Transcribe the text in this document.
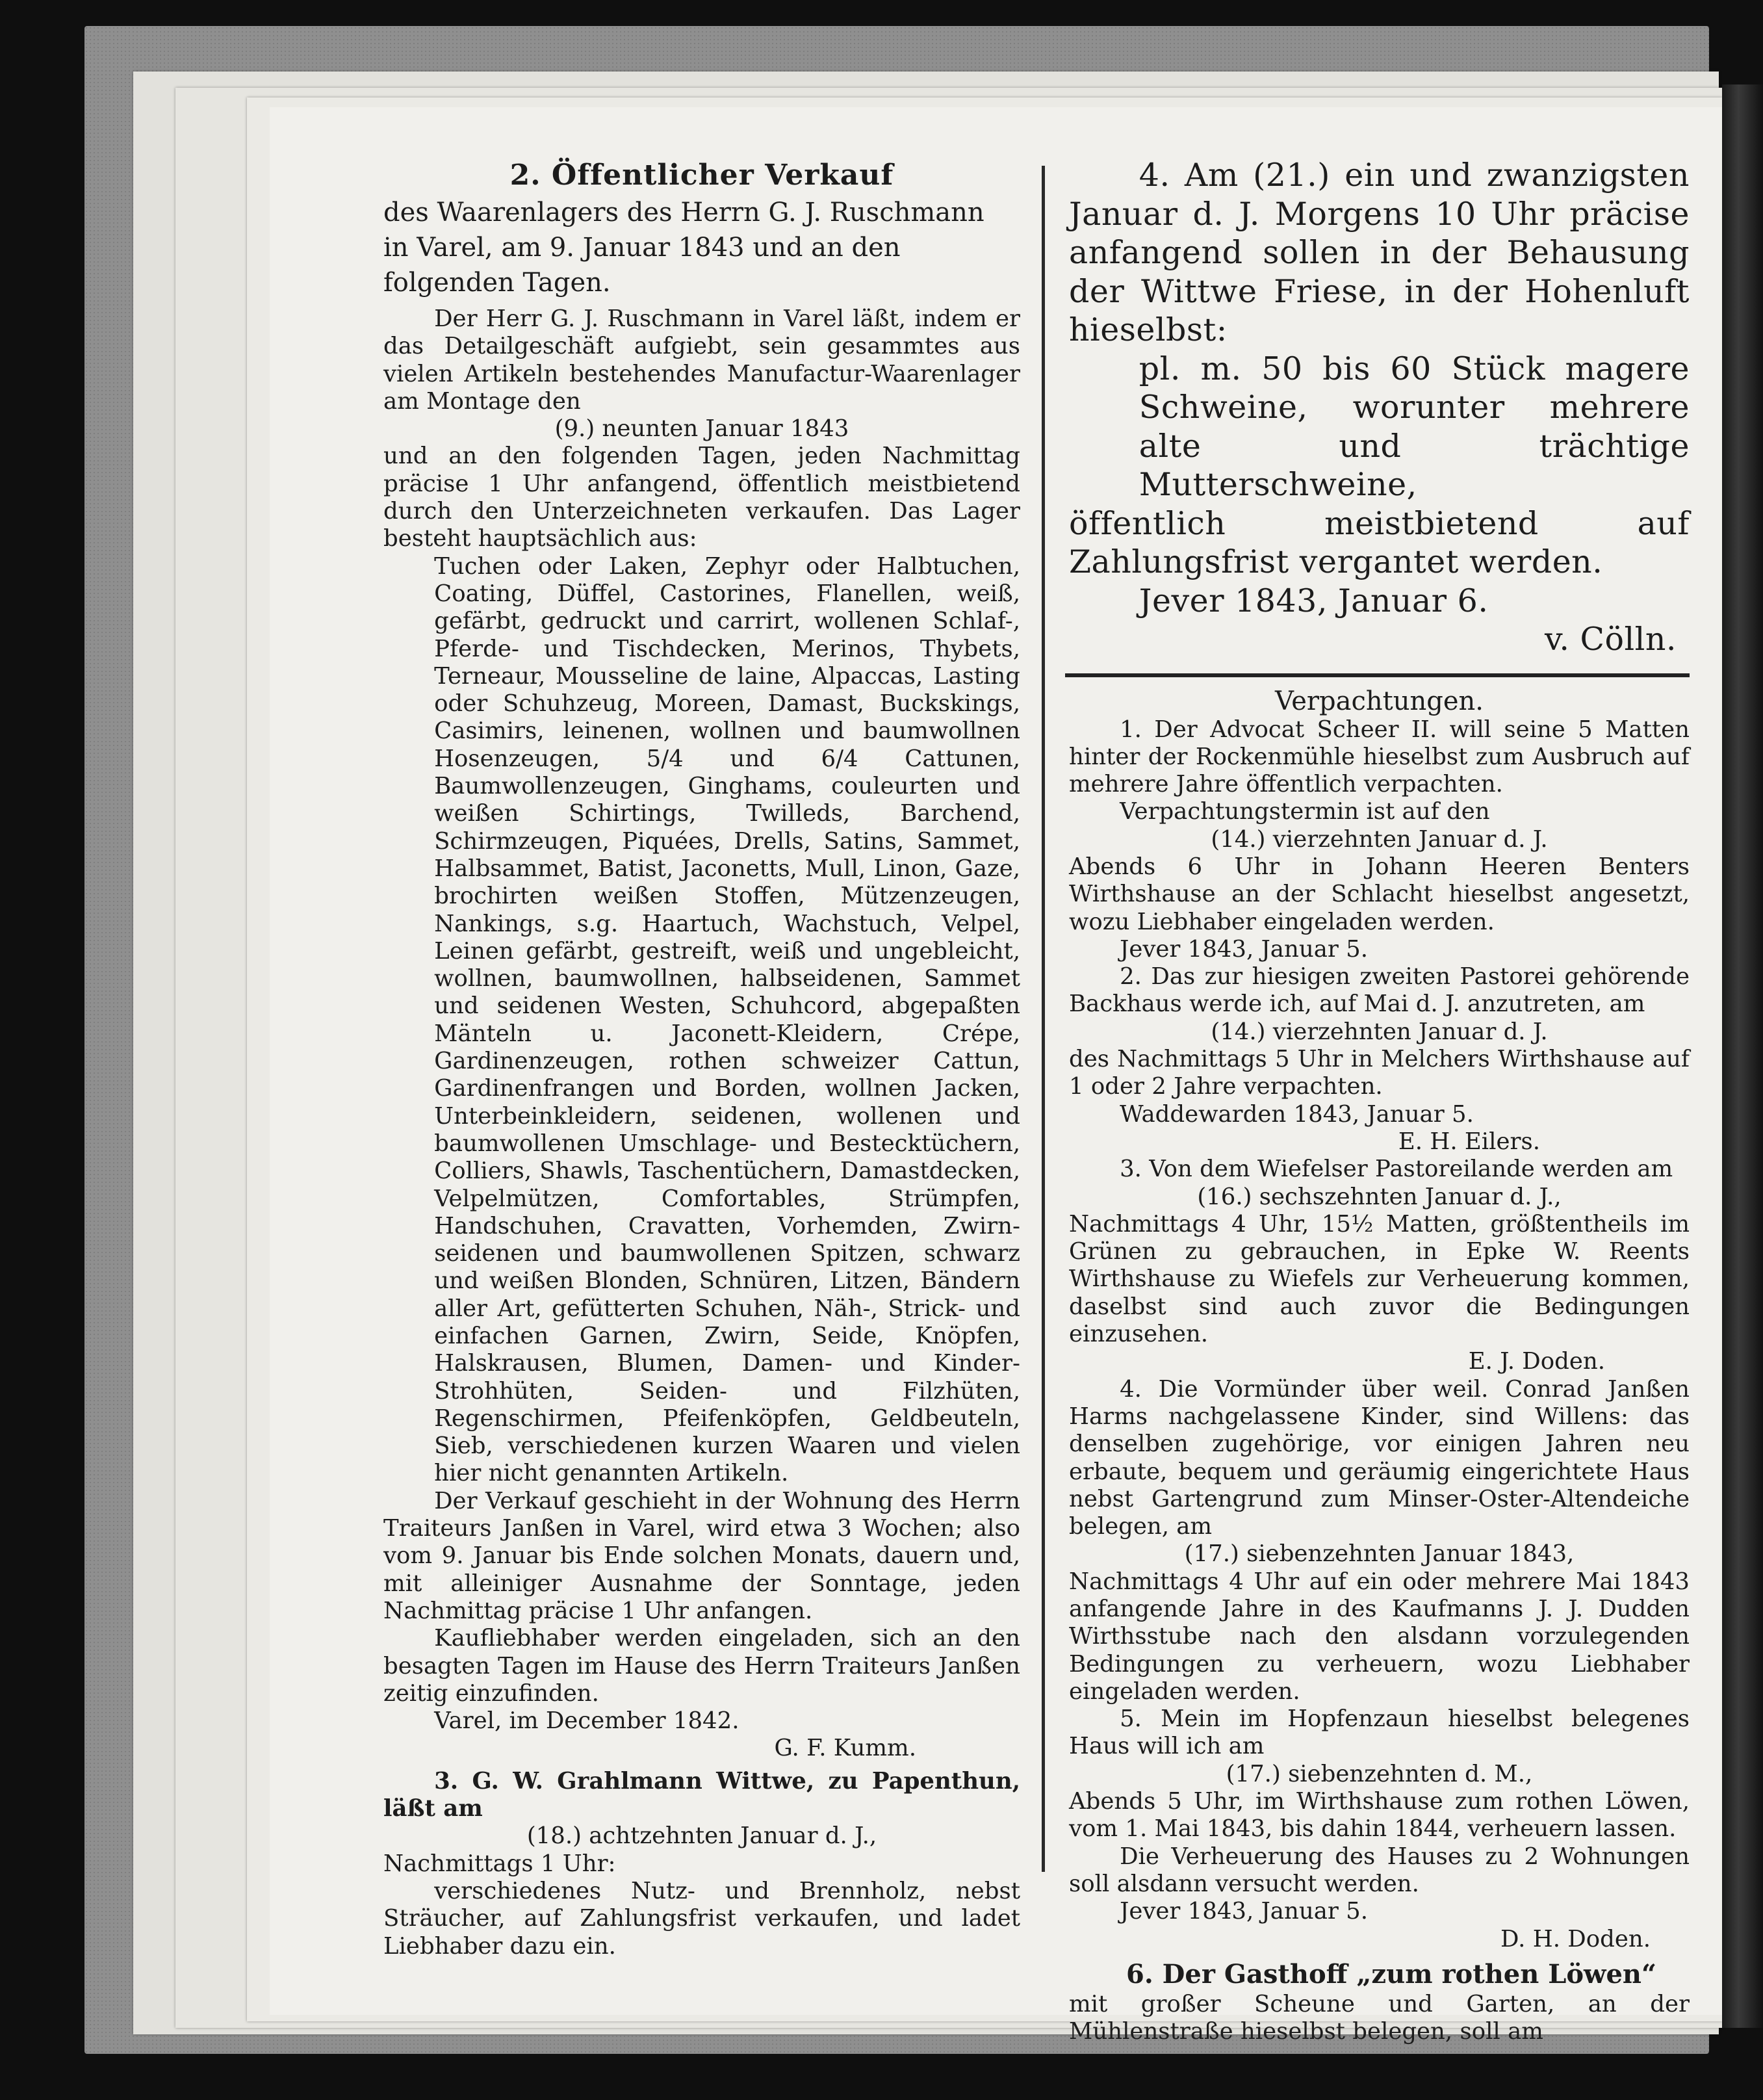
2. Öffentlicher Verkauf

des Waarenlagers des Herrn G. J. Ruschmann

in Varel, am 9. Januar 1843 und an den

folgenden Tagen.

Der Herr G. J. Ruschmann in Varel läßt, indem er das Detailgeschäft aufgiebt, sein gesammtes aus vielen Artikeln bestehendes Manufactur-Waarenlager am Montage den

(9.) neunten Januar 1843

und an den folgenden Tagen, jeden Nachmittag präcise 1 Uhr anfangend, öffentlich meistbietend durch den Unterzeichneten verkaufen. Das Lager besteht hauptsächlich aus:

Tuchen oder Laken, Zephyr oder Halbtuchen, Coating, Düffel, Castorines, Flanellen, weiß, gefärbt, gedruckt und carrirt, wollenen Schlaf-, Pferde- und Tischdecken, Merinos, Thybets, Terneaur, Mousseline de laine, Alpaccas, Lasting oder Schuhzeug, Moreen, Damast, Buckskings, Casimirs, leinenen, wollnen und baumwollnen Hosenzeugen, 5/4 und 6/4 Cattunen, Baumwollenzeugen, Ginghams, couleurten und weißen Schirtings, Twilleds, Barchend, Schirmzeugen, Piquées, Drells, Satins, Sammet, Halbsammet, Batist, Jaconetts, Mull, Linon, Gaze, brochirten weißen Stoffen, Mützenzeugen, Nankings, s.g. Haartuch, Wachstuch, Velpel, Leinen gefärbt, gestreift, weiß und ungebleicht, wollnen, baumwollnen, halbseidenen, Sammet und seidenen Westen, Schuhcord, abgepaßten Mänteln u. Jaconett-Kleidern, Crépe, Gardinenzeugen, rothen schweizer Cattun, Gardinenfrangen und Borden, wollnen Jacken, Unterbeinkleidern, seidenen, wollenen und baumwollenen Umschlage- und Bestecktüchern, Colliers, Shawls, Taschentüchern, Damastdecken, Velpelmützen, Comfortables, Strümpfen, Handschuhen, Cravatten, Vorhemden, Zwirn-seidenen und baumwollenen Spitzen, schwarz und weißen Blonden, Schnüren, Litzen, Bändern aller Art, gefütterten Schuhen, Näh-, Strick- und einfachen Garnen, Zwirn, Seide, Knöpfen, Halskrausen, Blumen, Damen- und Kinder-Strohhüten, Seiden- und Filzhüten, Regenschirmen, Pfeifenköpfen, Geldbeuteln, Sieb, verschiedenen kurzen Waaren und vielen hier nicht genannten Artikeln.

Der Verkauf geschieht in der Wohnung des Herrn Traiteurs Janßen in Varel, wird etwa 3 Wochen; also vom 9. Januar bis Ende solchen Monats, dauern und, mit alleiniger Ausnahme der Sonntage, jeden Nachmittag präcise 1 Uhr anfangen.

Kaufliebhaber werden eingeladen, sich an den besagten Tagen im Hause des Herrn Traiteurs Janßen zeitig einzufinden.

Varel, im December 1842.

G. F. Kumm.

3. G. W. Grahlmann Wittwe, zu Papenthun, läßt am

(18.) achtzehnten Januar d. J.,

Nachmittags 1 Uhr:

verschiedenes Nutz- und Brennholz, nebst Sträucher, auf Zahlungsfrist verkaufen, und ladet Liebhaber dazu ein.

4. Am (21.) ein und zwanzigsten Januar d. J. Morgens 10 Uhr präcise anfangend sollen in der Behausung der Wittwe Friese, in der Hohenluft hieselbst:

pl. m. 50 bis 60 Stück magere Schweine, worunter mehrere alte und trächtige Mutterschweine,

öffentlich meistbietend auf Zahlungsfrist vergantet werden.

Jever 1843, Januar 6.

v. Cölln.

Verpachtungen.

1. Der Advocat Scheer II. will seine 5 Matten hinter der Rockenmühle hieselbst zum Ausbruch auf mehrere Jahre öffentlich verpachten.

Verpachtungstermin ist auf den

(14.) vierzehnten Januar d. J.

Abends 6 Uhr in Johann Heeren Benters Wirthshause an der Schlacht hieselbst angesetzt, wozu Liebhaber eingeladen werden.

Jever 1843, Januar 5.

2. Das zur hiesigen zweiten Pastorei gehörende Backhaus werde ich, auf Mai d. J. anzutreten, am

(14.) vierzehnten Januar d. J.

des Nachmittags 5 Uhr in Melchers Wirthshause auf 1 oder 2 Jahre verpachten.

Waddewarden 1843, Januar 5.

E. H. Eilers.

3. Von dem Wiefelser Pastoreilande werden am

(16.) sechszehnten Januar d. J.,

Nachmittags 4 Uhr, 15½ Matten, größtentheils im Grünen zu gebrauchen, in Epke W. Reents Wirthshause zu Wiefels zur Verheuerung kommen, daselbst sind auch zuvor die Bedingungen einzusehen.

E. J. Doden.

4. Die Vormünder über weil. Conrad Janßen Harms nachgelassene Kinder, sind Willens: das denselben zugehörige, vor einigen Jahren neu erbaute, bequem und geräumig eingerichtete Haus nebst Gartengrund zum Minser-Oster-Altendeiche belegen, am

(17.) siebenzehnten Januar 1843,

Nachmittags 4 Uhr auf ein oder mehrere Mai 1843 anfangende Jahre in des Kaufmanns J. J. Dudden Wirthsstube nach den alsdann vorzulegenden Bedingungen zu verheuern, wozu Liebhaber eingeladen werden.

5. Mein im Hopfenzaun hieselbst belegenes Haus will ich am

(17.) siebenzehnten d. M.,

Abends 5 Uhr, im Wirthshause zum rothen Löwen, vom 1. Mai 1843, bis dahin 1844, verheuern lassen.

Die Verheuerung des Hauses zu 2 Wohnungen soll alsdann versucht werden.

Jever 1843, Januar 5.

D. H. Doden.

6. Der Gasthoff „zum rothen Löwen“

mit großer Scheune und Garten, an der Mühlenstraße hieselbst belegen, soll am
